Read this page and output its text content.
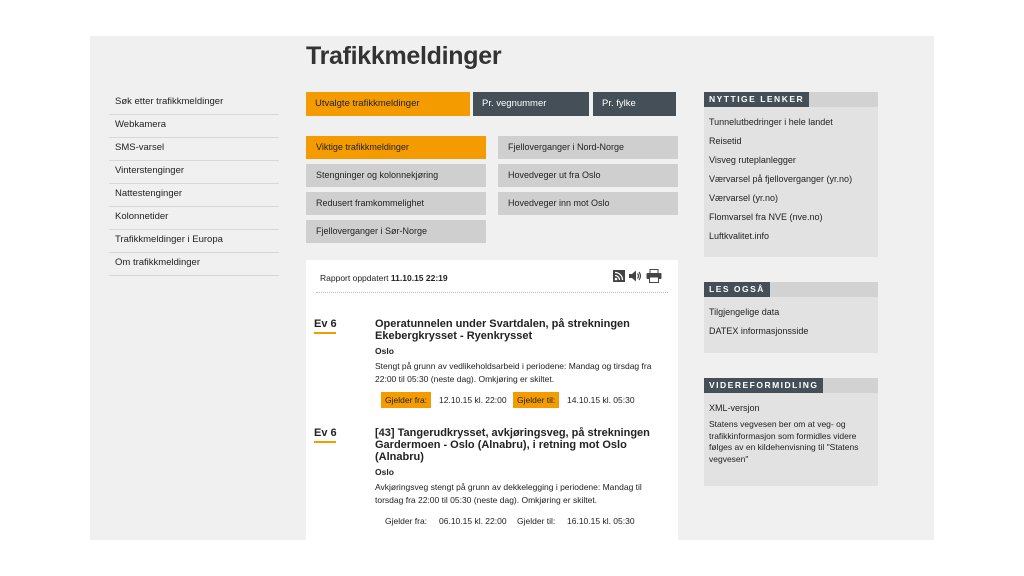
Trafikkmeldinger
Søk etter trafikkmeldinger
Webkamera
SMS-varsel
Vinterstenginger
Nattestenginger
Kolonnetider
Trafikkmeldinger i Europa
Om trafikkmeldinger
Utvalgte trafikkmeldinger	Pr. vegnummer	Pr. fylke
Viktige trafikkmeldinger
Stengninger og kolonnekjøring
Redusert framkommelighet
Fjelloverganger i Sør-Norge
Fjelloverganger i Nord-Norge
Hovedveger ut fra Oslo
Hovedveger inn mot Oslo
Rapport oppdatert 11.10.15 22:19
Ev 6	Operatunnelen under Svartdalen, på strekningen Ekebergkrysset - Ryenkrysset
Oslo

Stengt på grunn av vedlikeholdsarbeid i periodene: Mandag og tirsdag fra 22:00 til 05:30 (neste dag). Omkjøring er skiltet.

Gjelder fra:	12.10.15 kl. 22:00	Gjelder til:	14.10.15 kl. 05:30
Ev 6	[43] Tangerudkrysset, avkjøringsveg, på strekningen Gardermoen - Oslo (Alnabru), i retning mot Oslo (Alnabru)
Oslo

Avkjøringsveg stengt på grunn av dekkelegging i periodene: Mandag til torsdag fra 22:00 til 05:30 (neste dag). Omkjøring er skiltet.

Gjelder fra:	06.10.15 kl. 22:00	Gjelder til:	16.10.15 kl. 05:30
NYTTIGE LENKER
Tunnelutbedringer i hele landet
Reisetid
Visveg ruteplanlegger
Værvarsel på fjelloverganger (yr.no)
Værvarsel (yr.no)
Flomvarsel fra NVE (nve.no)
Luftkvalitet.info
LES OGSÅ
Tilgjengelige data
DATEX informasjonsside
VIDEREFORMIDLING
XML-versjon

Statens vegvesen ber om at veg- og trafikkinformasjon som formidles videre følges av en kildehenvisning til "Statens vegvesen"
